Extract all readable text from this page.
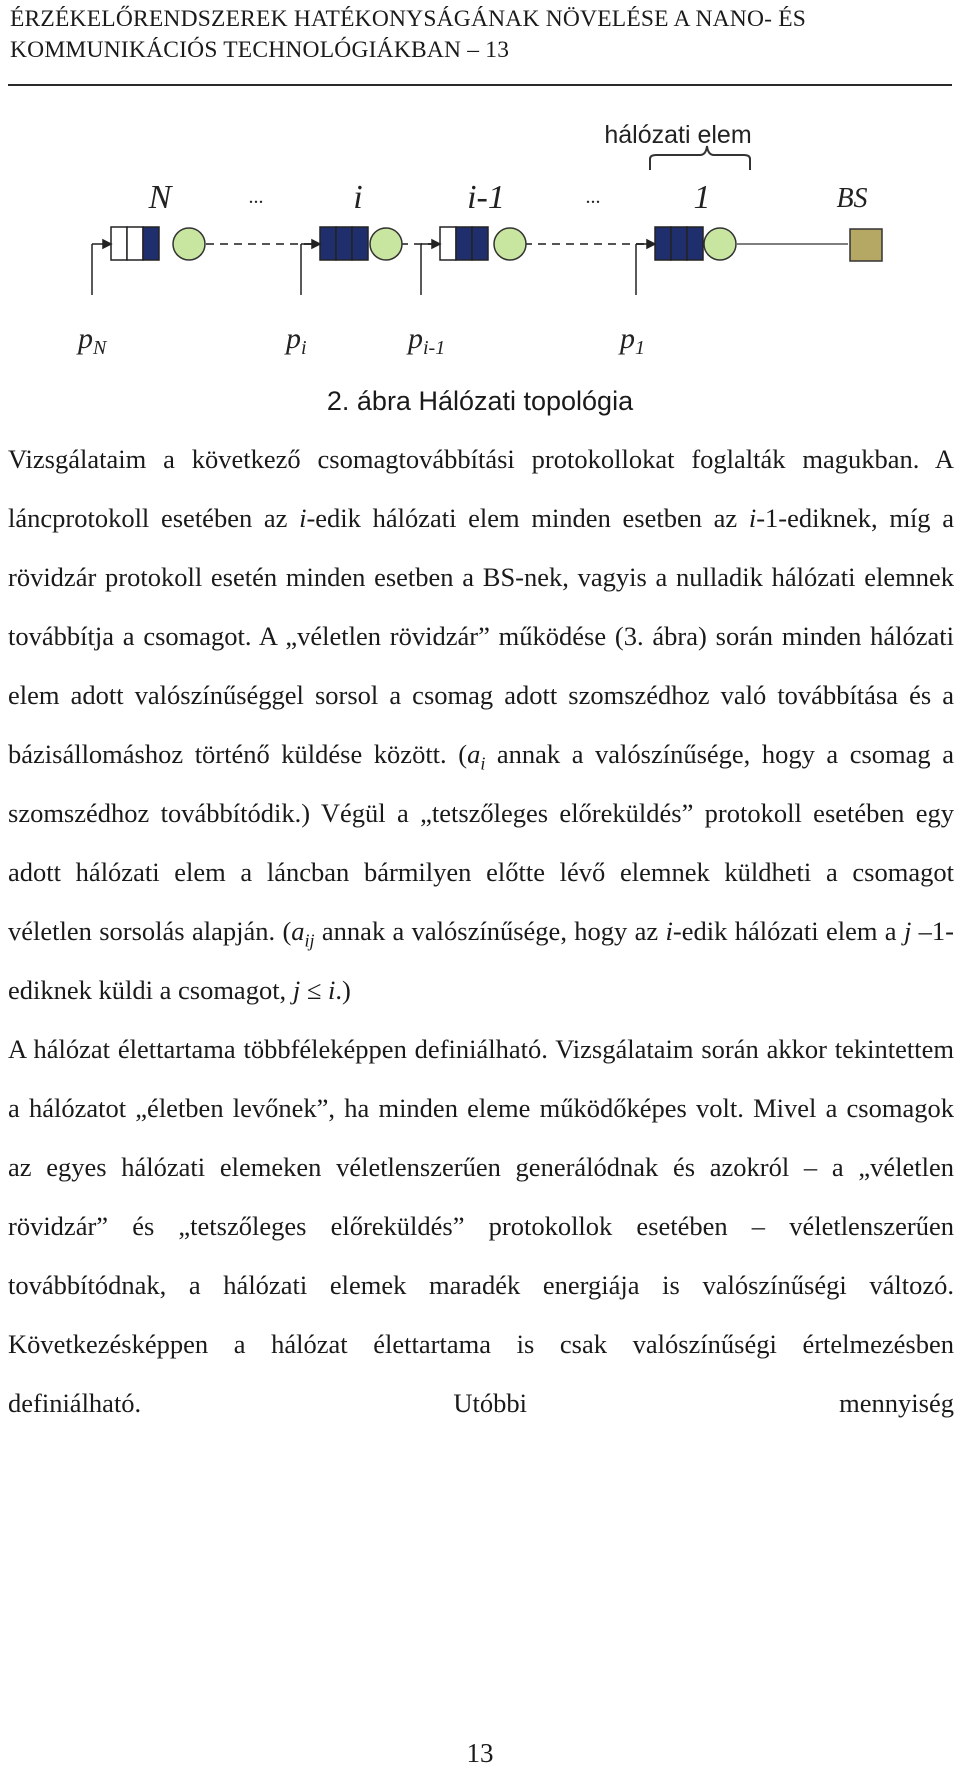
ÉRZÉKELŐRENDSZEREK HATÉKONYSÁGÁNAK NÖVELÉSE A NANO- ÉS
KOMMUNIKÁCIÓS TECHNOLÓGIÁKBAN – 13
hálózati elem
N	...	i	i-1	...	1	BS
$p_N$	$p_i$	$p_{i-1}$	$p_1$
2. ábra Hálózati topológia

Vizsgálataim a következő csomagtovábbítási protokollokat foglalták magukban. A láncprotokoll esetében az i-edik hálózati elem minden esetben az i-1-ediknek, míg a rövidzár protokoll esetén minden esetben a BS-nek, vagyis a nulladik hálózati elemnek továbbítja a csomagot. A „véletlen rövidzár” működése (3. ábra) során minden hálózati elem adott valószínűséggel sorsol a csomag adott szomszédhoz való továbbítása és a bázisállomáshoz történő küldése között. ($a_i$ annak a valószínűsége, hogy a csomag a szomszédhoz továbbítódik.) Végül a „tetszőleges előreküldés” protokoll esetében egy adott hálózati elem a láncban bármilyen előtte lévő elemnek küldheti a csomagot véletlen sorsolás alapján. ($a_{ij}$ annak a valószínűsége, hogy az i-edik hálózati elem a j –1-ediknek küldi a csomagot, j ≤ i.)

A hálózat élettartama többféleképpen definiálható. Vizsgálataim során akkor tekintettem a hálózatot „életben levőnek”, ha minden eleme működőképes volt. Mivel a csomagok az egyes hálózati elemeken véletlenszerűen generálódnak és azokról – a „véletlen rövidzár” és „tetszőleges előreküldés” protokollok esetében – véletlenszerűen továbbítódnak, a hálózati elemek maradék energiája is valószínűségi változó. Következésképpen a hálózat élettartama is csak valószínűségi értelmezésben definiálható. Utóbbi mennyiség

13
